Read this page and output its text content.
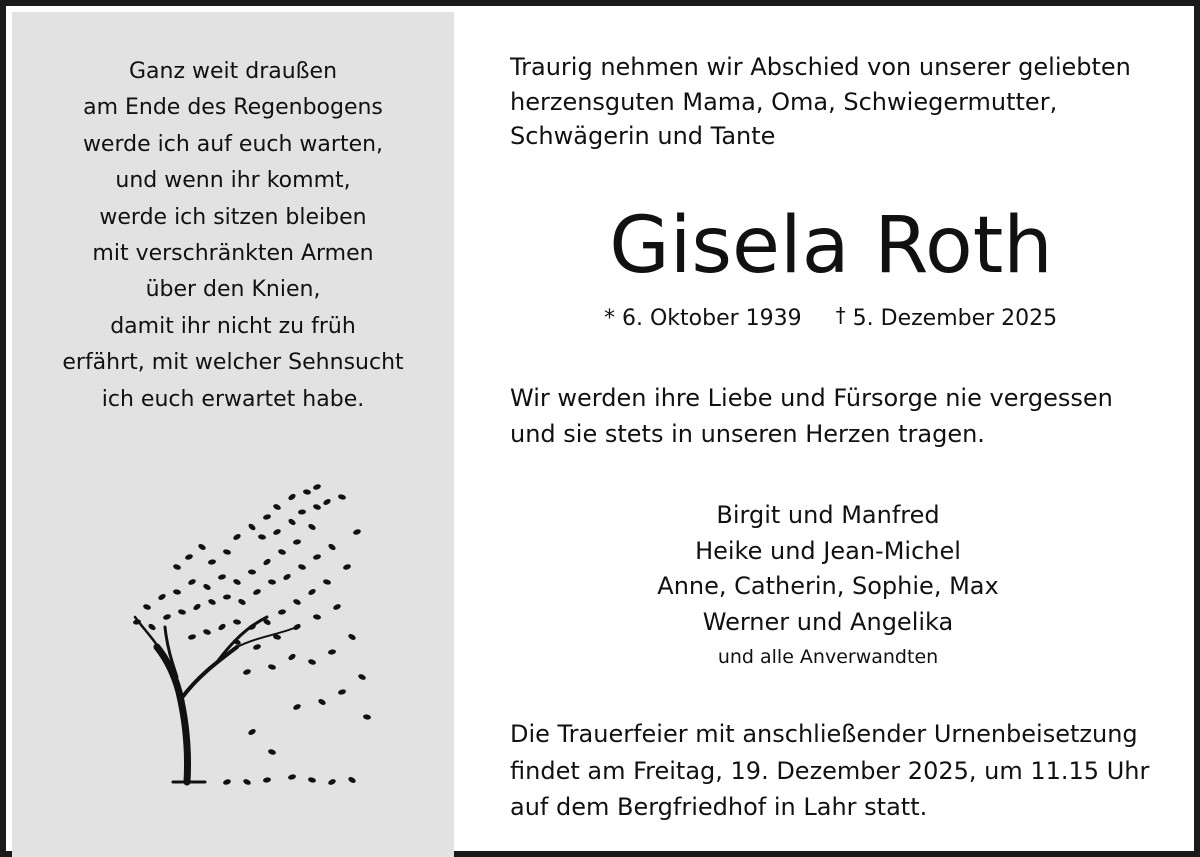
Ganz weit draußen
am Ende des Regenbogens
werde ich auf euch warten,
und wenn ihr kommt,
werde ich sitzen bleiben
mit verschränkten Armen
über den Knien,
damit ihr nicht zu früh
erfährt, mit welcher Sehnsucht
ich euch erwartet habe.
Traurig nehmen wir Abschied von unserer geliebten
herzensguten Mama, Oma, Schwiegermutter,
Schwägerin und Tante
Gisela Roth
* 6. Oktober 1939 † 5. Dezember 2025
Wir werden ihre Liebe und Fürsorge nie vergessen
und sie stets in unseren Herzen tragen.
Birgit und Manfred
Heike und Jean-Michel
Anne, Catherin, Sophie, Max
Werner und Angelika
und alle Anverwandten
Die Trauerfeier mit anschließender Urnenbeisetzung
findet am Freitag, 19. Dezember 2025, um 11.15 Uhr
auf dem Bergfriedhof in Lahr statt.
